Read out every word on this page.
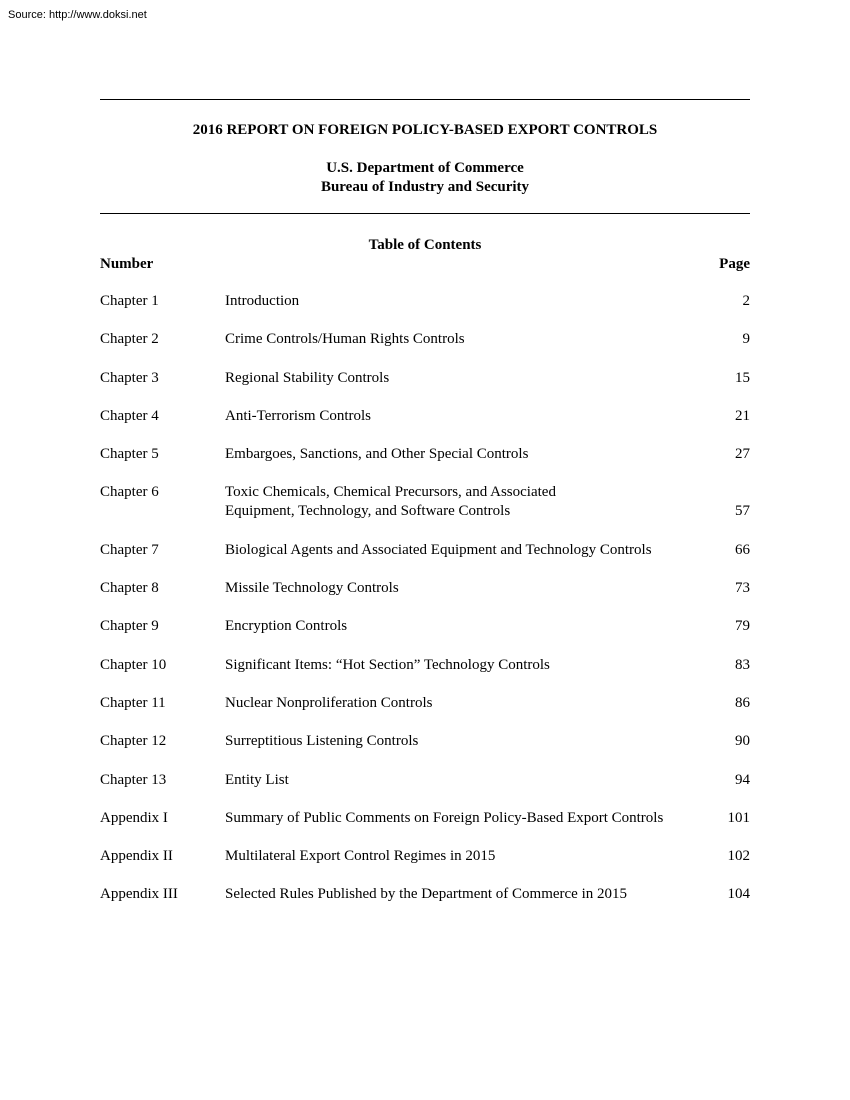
Source: http://www.doksi.net
2016 REPORT ON FOREIGN POLICY-BASED EXPORT CONTROLS
U.S. Department of Commerce
Bureau of Industry and Security
Table of Contents
Number	Page
Chapter 1	Introduction	2
Chapter 2	Crime Controls/Human Rights Controls	9
Chapter 3	Regional Stability Controls	15
Chapter 4	Anti-Terrorism Controls	21
Chapter 5	Embargoes, Sanctions, and Other Special Controls	27
Chapter 6	Toxic Chemicals, Chemical Precursors, and Associated
Equipment, Technology, and Software Controls	57
Chapter 7	Biological Agents and Associated Equipment and Technology Controls	66
Chapter 8	Missile Technology Controls	73
Chapter 9	Encryption Controls	79
Chapter 10	Significant Items: “Hot Section” Technology Controls	83
Chapter 11	Nuclear Nonproliferation Controls	86
Chapter 12	Surreptitious Listening Controls	90
Chapter 13	Entity List	94
Appendix I	Summary of Public Comments on Foreign Policy-Based Export Controls	101
Appendix II	Multilateral Export Control Regimes in 2015	102
Appendix III	Selected Rules Published by the Department of Commerce in 2015	104
